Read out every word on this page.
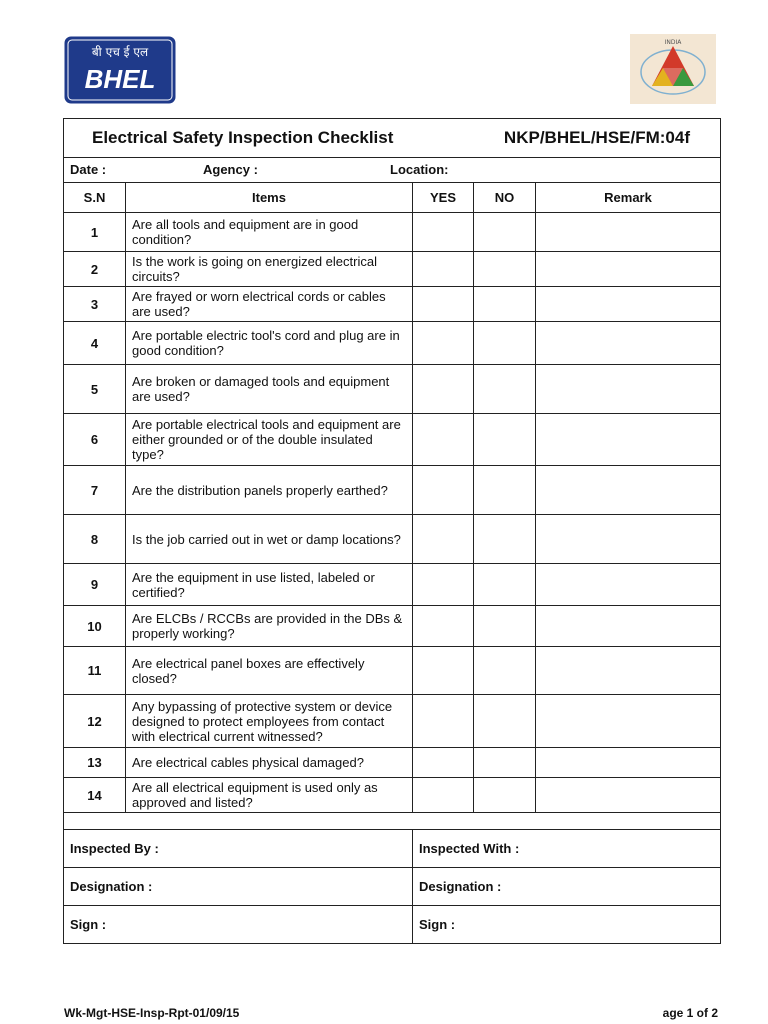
बी एच ई एल
BHEL
INDIA
Electrical Safety Inspection Checklist NKP/BHEL/HSE/FM:04f				

Date : Agency : Location:				

S.N	Items	YES	NO	Remark
1	Are all tools and equipment are in good condition?			
2	Is the work is going on energized electrical circuits?			
3	Are frayed or worn electrical cords or cables are used?			
4	Are portable electric tool's cord and plug are in good condition?			
5	Are broken or damaged tools and equipment are used?			
6	Are portable electrical tools and equipment are either grounded or of the double insulated type?			
7	Are the distribution panels properly earthed?			
8	Is the job carried out in wet or damp locations?			
9	Are the equipment in use listed, labeled or certified?			
10	Are ELCBs / RCCBs are provided in the DBs & properly working?			
11	Are electrical panel boxes are effectively closed?			
12	Any bypassing of protective system or device designed to protect employees from contact with electrical current witnessed?			
13	Are electrical cables physical damaged?			
14	Are all electrical equipment is used only as approved and listed?			

Inspected By :		Inspected With :		
Designation :		Designation :		
Sign :		Sign :		
Wk-Mgt-HSE-Insp-Rpt-01/09/15	age 1 of 2
